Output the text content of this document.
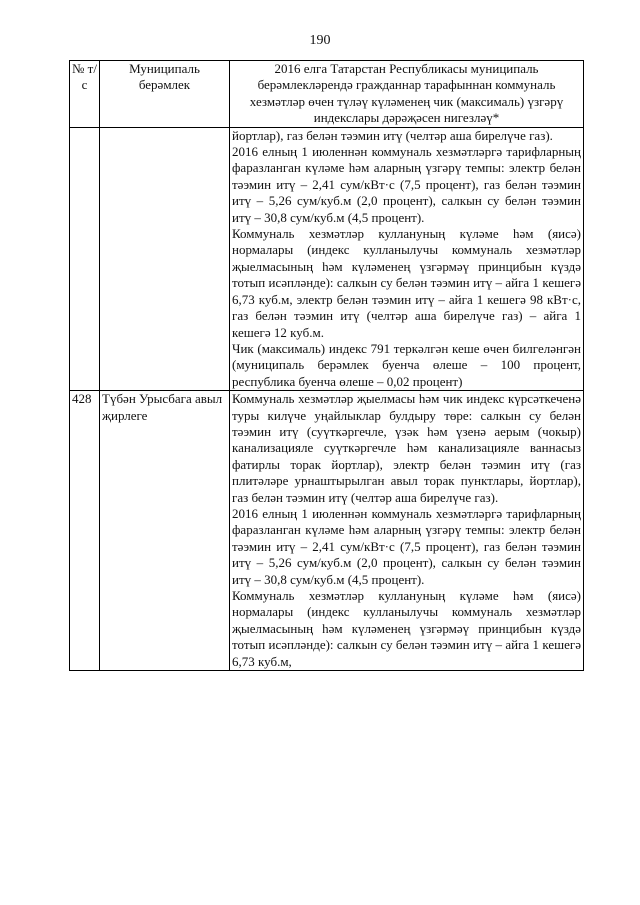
190
№ т/с	Муниципаль берәмлек	2016 елга Татарстан Республикасы муниципаль берәмлекләрендә гражданнар тарафыннан коммуналь хезмәтләр өчен түләү күләменең чик (максималь) үзгәрү индекслары дәрәҗәсен нигезләү*

		йортлар), газ белән тәэмин итү (челтәр аша бирелүче газ).

2016 елның 1 июленнән коммуналь хезмәтләргә тарифларның фаразланган күләме һәм аларның үзгәрү темпы: электр белән тәэмин итү – 2,41 сум/кВт·с (7,5 процент), газ белән тәэмин итү – 5,26 сум/куб.м (2,0 процент), салкын су белән тәэмин итү – 30,8 сум/куб.м (4,5 процент).

Коммуналь хезмәтләр куллануның күләме һәм (яисә) нормалары (индекс кулланылучы коммуналь хезмәтләр җыелмасының һәм күләменең үзгәрмәү принцибын күздә тотып исәпләнде): салкын су белән тәэмин итү – айга 1 кешегә 6,73 куб.м, электр белән тәэмин итү – айга 1 кешегә 98 кВт·с, газ белән тәэмин итү (челтәр аша бирелүче газ) – айга 1 кешегә 12 куб.м.

Чик (максималь) индекс 791 теркәлгән кеше өчен билгеләнгән (муниципаль берәмлек буенча өлеше – 100 процент, республика буенча өлеше – 0,02 процент)

428	Түбән Урысбага авыл җирлеге	Коммуналь хезмәтләр җыелмасы һәм чик индекс күрсәткеченә туры килүче уңайлыклар булдыру төре: салкын су белән тәэмин итү (суүткәргечле, үзәк һәм үзенә аерым (чокыр) канализацияле суүткәргечле һәм канализацияле ваннасыз фатирлы торак йортлар), электр белән тәэмин итү (газ плитәләре урнаштырылган авыл торак пунктлары, йортлар), газ белән тәэмин итү (челтәр аша бирелүче газ).

2016 елның 1 июленнән коммуналь хезмәтләргә тарифларның фаразланган күләме һәм аларның үзгәрү темпы: электр белән тәэмин итү – 2,41 сум/кВт·с (7,5 процент), газ белән тәэмин итү – 5,26 сум/куб.м (2,0 процент), салкын су белән тәэмин итү – 30,8 сум/куб.м (4,5 процент).

Коммуналь хезмәтләр куллануның күләме һәм (яисә) нормалары (индекс кулланылучы коммуналь хезмәтләр җыелмасының һәм күләменең үзгәрмәү принцибын күздә тотып исәпләнде): салкын су белән тәэмин итү – айга 1 кешегә 6,73 куб.м,
